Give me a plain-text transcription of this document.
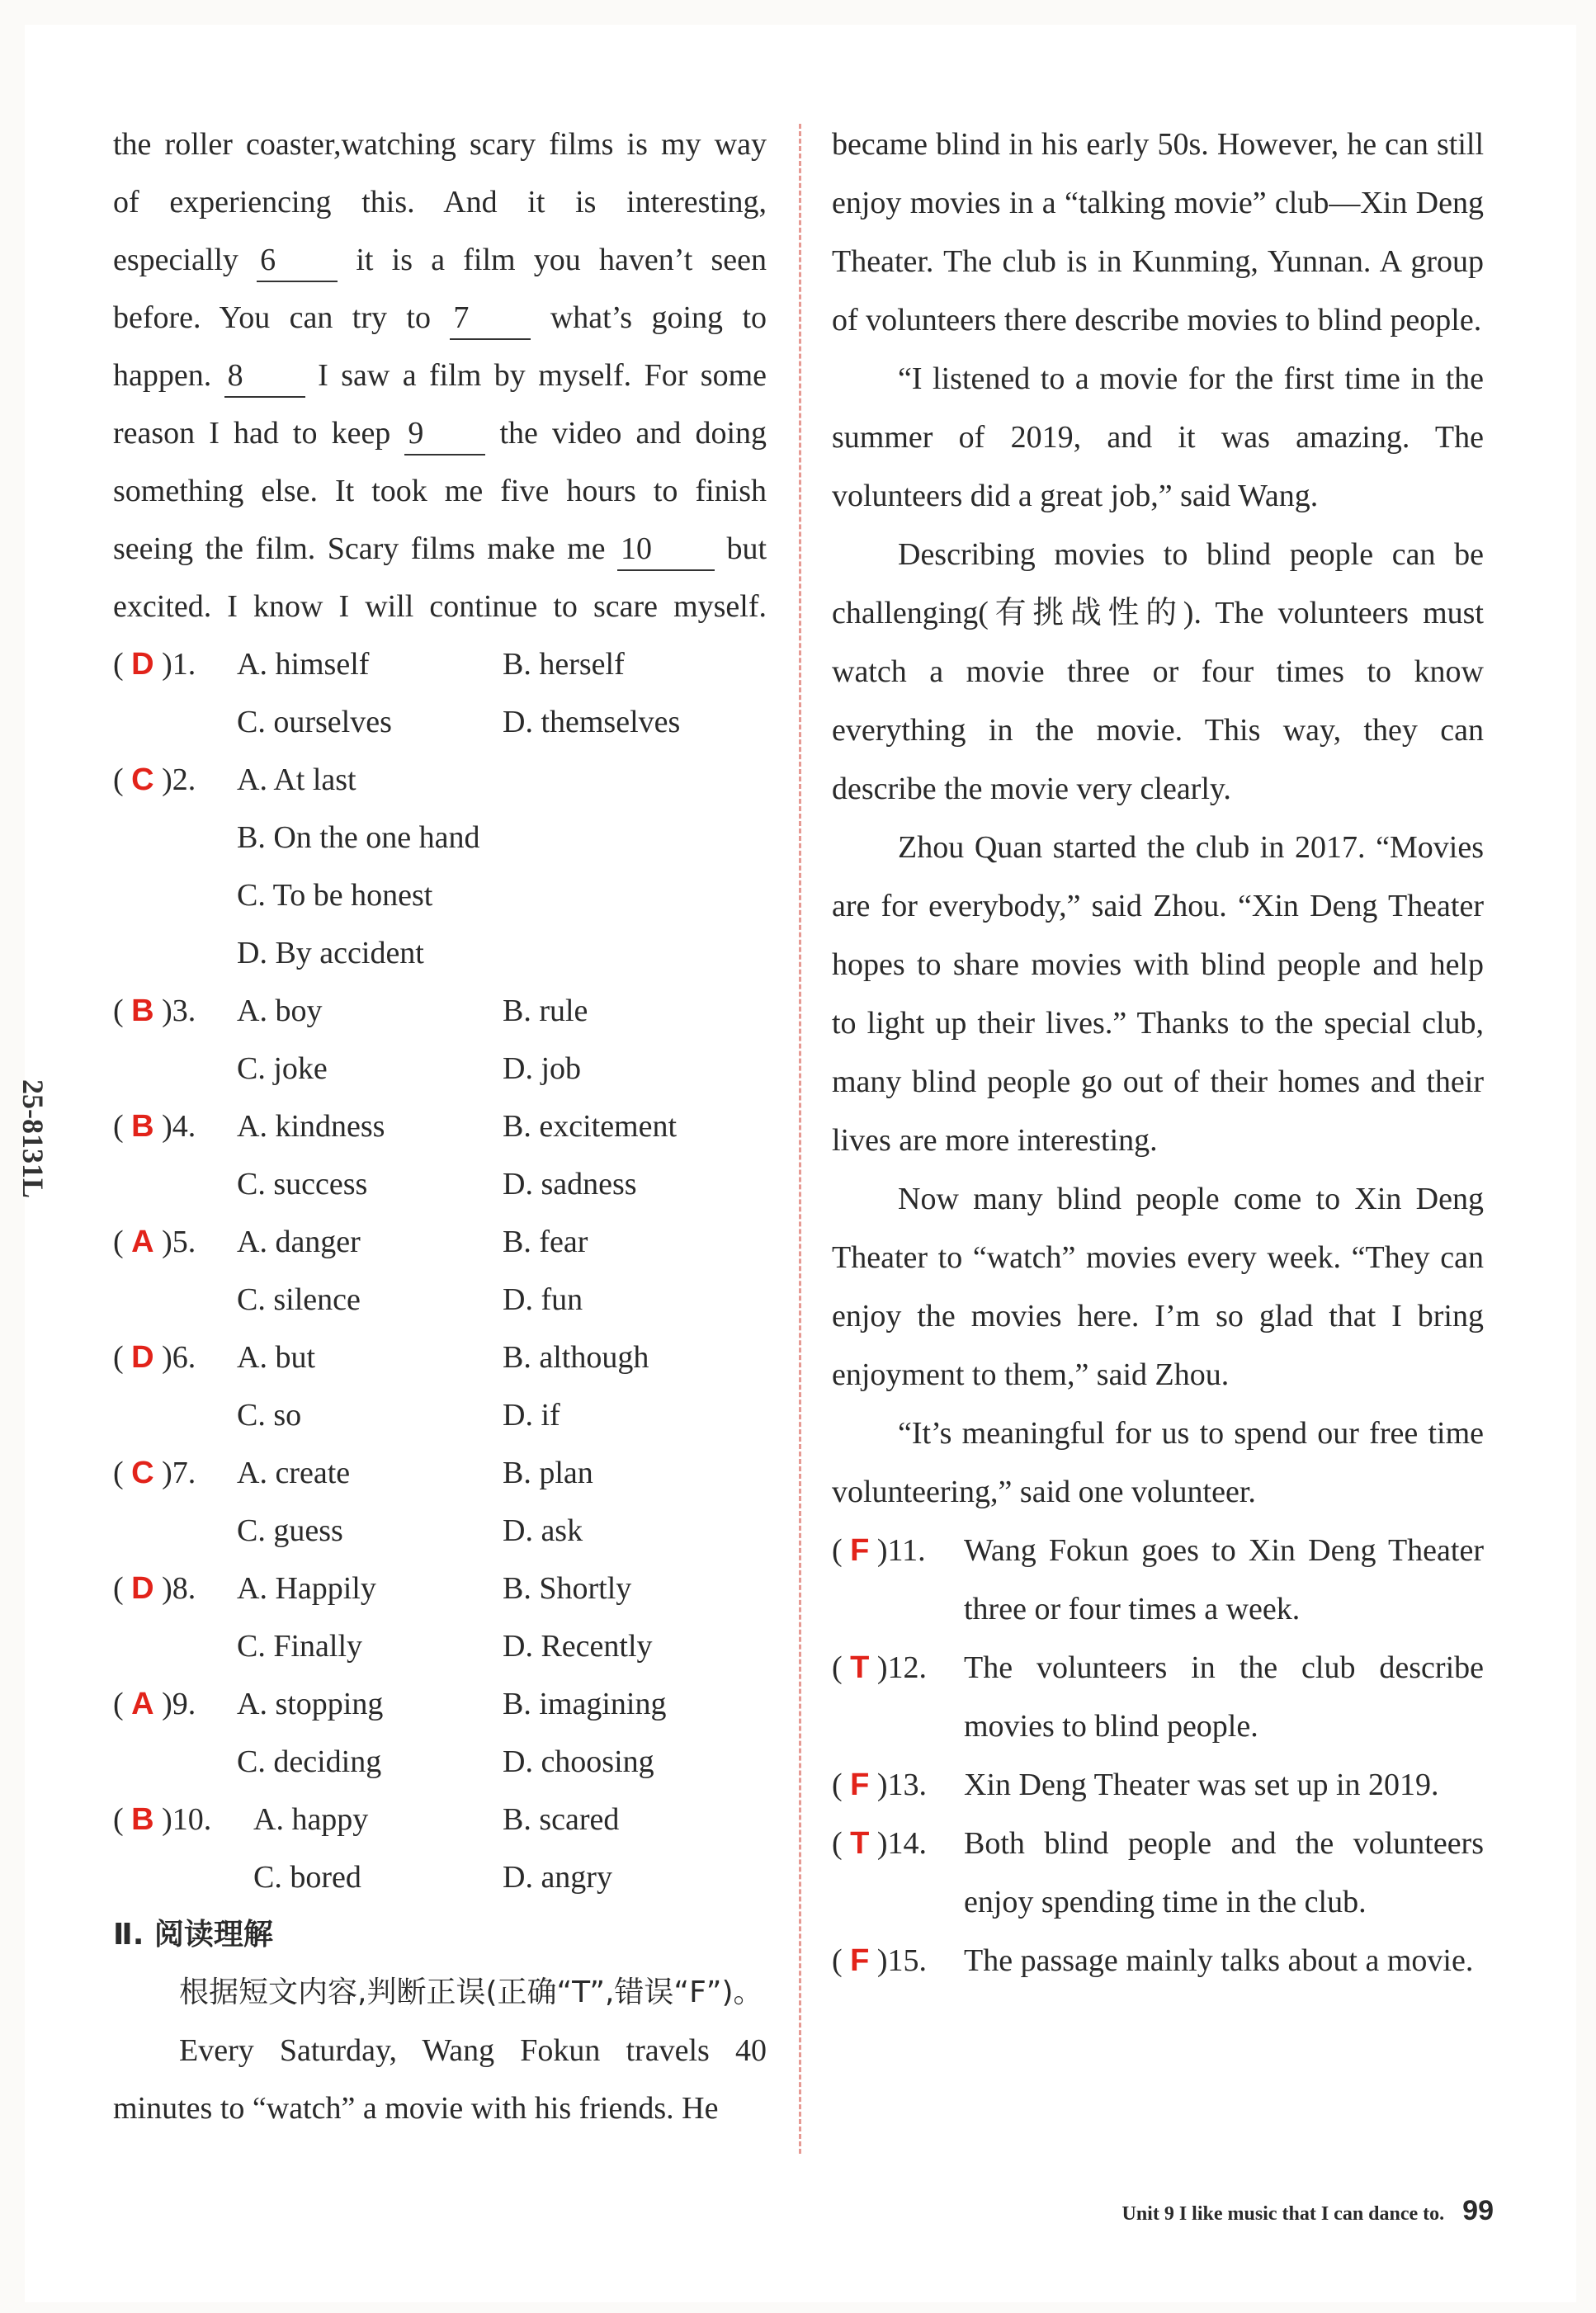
25-8131L

the roller coaster,watching scary films is my way

of experiencing this. And it is interesting,

especially 6	it is a film you haven’t seen

before. You can try to 7	what’s going to

happen. 8 I saw a film by myself. For some

reason I had to keep 9 the video and doing

something else. It took me five hours to finish

seeing the film. Scary films make me 10 but

excited. I know I will continue to scare myself.

( D )1.	A. himself	B. herself
C. ourselves	D. themselves
( C )2.	A. At last
B. On the one hand
C. To be honest
D. By accident
( B )3.	A. boy	B. rule
C. joke	D. job
( B )4.	A. kindness	B. excitement
C. success	D. sadness
( A )5.	A. danger	B. fear
C. silence	D. fun
( D )6.	A. but	B. although
C. so	D. if
( C )7.	A. create	B. plan
C. guess	D. ask
( D )8.	A. Happily	B. Shortly
C. Finally	D. Recently
( A )9.	A. stopping	B. imagining
C. deciding	D. choosing
( B )10.	A. happy	B. scared
C. bored	D. angry

Ⅱ. 阅读理解

根据短文内容,判断正误(正确“T”,错误“F”)。

Every Saturday, Wang Fokun travels 40 minutes to “watch” a movie with his friends. He

became blind in his early 50s. However, he can still enjoy movies in a “talking movie” club—Xin Deng Theater. The club is in Kunming, Yunnan. A group of volunteers there describe movies to blind people.

“I listened to a movie for the first time in the summer of 2019, and it was amazing. The volunteers did a great job,” said Wang.

Describing movies to blind people can be challenging(有挑战性的). The volunteers must watch a movie three or four times to know everything in the movie. This way, they can describe the movie very clearly.

Zhou Quan started the club in 2017. “Movies are for everybody,” said Zhou. “Xin Deng Theater hopes to share movies with blind people and help to light up their lives.” Thanks to the special club, many blind people go out of their homes and their lives are more interesting.

Now many blind people come to Xin Deng Theater to “watch” movies every week. “They can enjoy the movies here. I’m so glad that I bring enjoyment to them,” said Zhou.

“It’s meaningful for us to spend our free time volunteering,” said one volunteer.

( F )11.	Wang Fokun goes to Xin Deng Theater three or four times a week.
( T )12.	The volunteers in the club describe movies to blind people.
( F )13.	Xin Deng Theater was set up in 2019.
( T )14.	Both blind people and the volunteers enjoy spending time in the club.
( F )15.	The passage mainly talks about a movie.
Unit 9 I like music that I can dance to. 99
